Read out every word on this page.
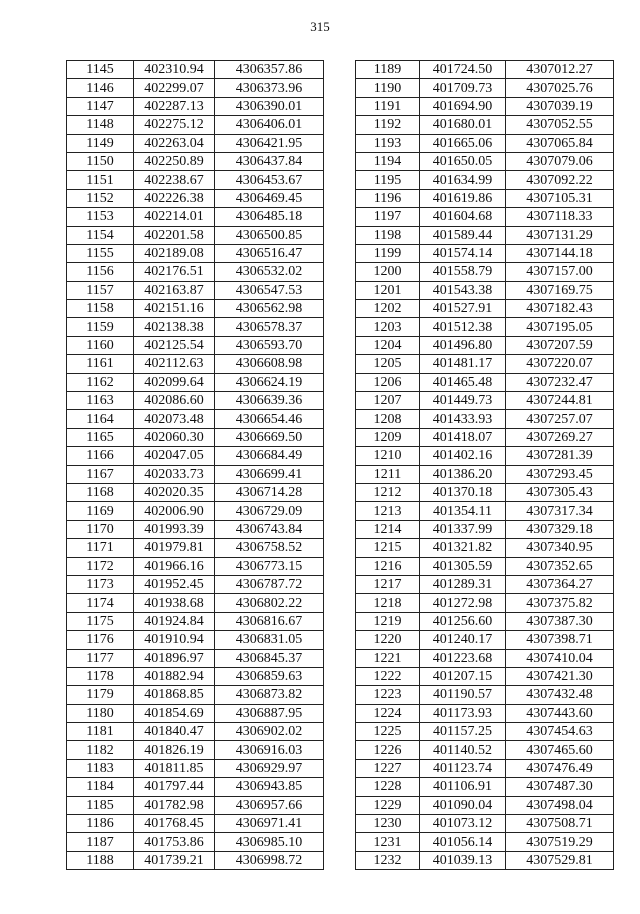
315
1145	402310.94	4306357.86
1146	402299.07	4306373.96
1147	402287.13	4306390.01
1148	402275.12	4306406.01
1149	402263.04	4306421.95
1150	402250.89	4306437.84
1151	402238.67	4306453.67
1152	402226.38	4306469.45
1153	402214.01	4306485.18
1154	402201.58	4306500.85
1155	402189.08	4306516.47
1156	402176.51	4306532.02
1157	402163.87	4306547.53
1158	402151.16	4306562.98
1159	402138.38	4306578.37
1160	402125.54	4306593.70
1161	402112.63	4306608.98
1162	402099.64	4306624.19
1163	402086.60	4306639.36
1164	402073.48	4306654.46
1165	402060.30	4306669.50
1166	402047.05	4306684.49
1167	402033.73	4306699.41
1168	402020.35	4306714.28
1169	402006.90	4306729.09
1170	401993.39	4306743.84
1171	401979.81	4306758.52
1172	401966.16	4306773.15
1173	401952.45	4306787.72
1174	401938.68	4306802.22
1175	401924.84	4306816.67
1176	401910.94	4306831.05
1177	401896.97	4306845.37
1178	401882.94	4306859.63
1179	401868.85	4306873.82
1180	401854.69	4306887.95
1181	401840.47	4306902.02
1182	401826.19	4306916.03
1183	401811.85	4306929.97
1184	401797.44	4306943.85
1185	401782.98	4306957.66
1186	401768.45	4306971.41
1187	401753.86	4306985.10
1188	401739.21	4306998.72
1189	401724.50	4307012.27
1190	401709.73	4307025.76
1191	401694.90	4307039.19
1192	401680.01	4307052.55
1193	401665.06	4307065.84
1194	401650.05	4307079.06
1195	401634.99	4307092.22
1196	401619.86	4307105.31
1197	401604.68	4307118.33
1198	401589.44	4307131.29
1199	401574.14	4307144.18
1200	401558.79	4307157.00
1201	401543.38	4307169.75
1202	401527.91	4307182.43
1203	401512.38	4307195.05
1204	401496.80	4307207.59
1205	401481.17	4307220.07
1206	401465.48	4307232.47
1207	401449.73	4307244.81
1208	401433.93	4307257.07
1209	401418.07	4307269.27
1210	401402.16	4307281.39
1211	401386.20	4307293.45
1212	401370.18	4307305.43
1213	401354.11	4307317.34
1214	401337.99	4307329.18
1215	401321.82	4307340.95
1216	401305.59	4307352.65
1217	401289.31	4307364.27
1218	401272.98	4307375.82
1219	401256.60	4307387.30
1220	401240.17	4307398.71
1221	401223.68	4307410.04
1222	401207.15	4307421.30
1223	401190.57	4307432.48
1224	401173.93	4307443.60
1225	401157.25	4307454.63
1226	401140.52	4307465.60
1227	401123.74	4307476.49
1228	401106.91	4307487.30
1229	401090.04	4307498.04
1230	401073.12	4307508.71
1231	401056.14	4307519.29
1232	401039.13	4307529.81
